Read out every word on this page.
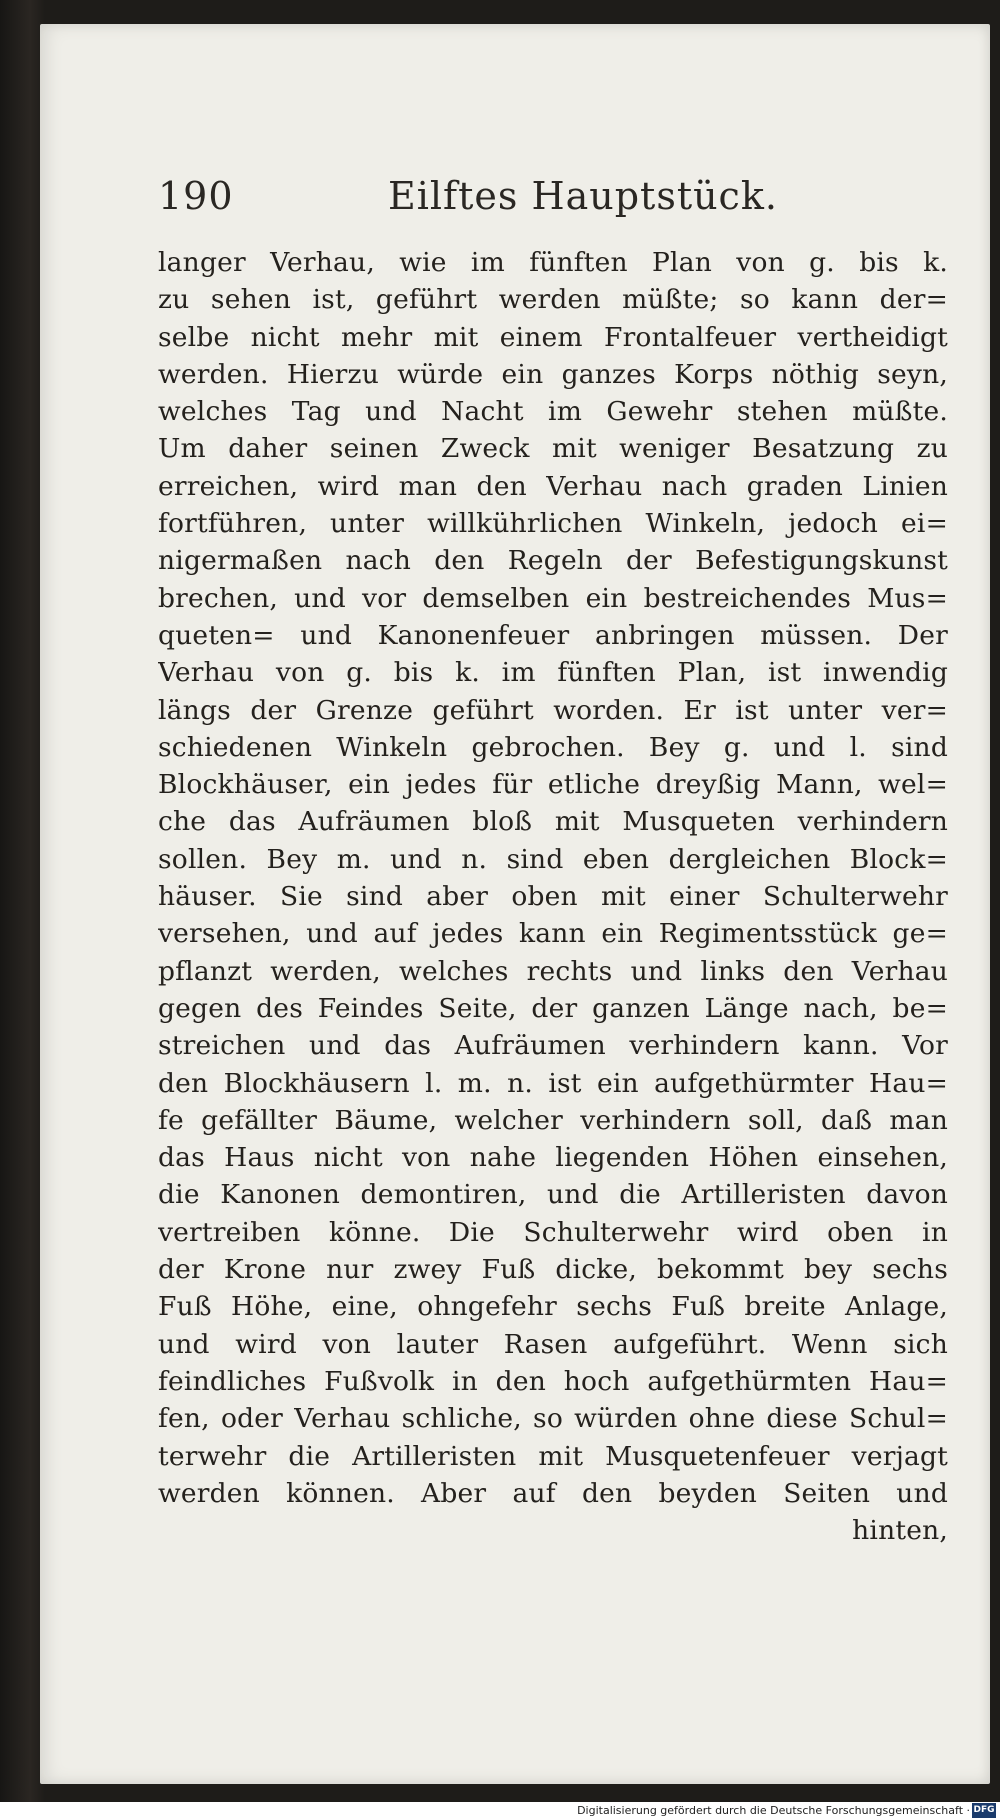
190	Eilftes Hauptstück.
langer Verhau, wie im fünften Plan von g. bis k.
zu sehen ist, geführt werden müßte; so kann der=
selbe nicht mehr mit einem Frontalfeuer vertheidigt
werden. Hierzu würde ein ganzes Korps nöthig seyn,
welches Tag und Nacht im Gewehr stehen müßte.
Um daher seinen Zweck mit weniger Besatzung zu
erreichen, wird man den Verhau nach graden Linien
fortführen, unter willkührlichen Winkeln, jedoch ei=
nigermaßen nach den Regeln der Befestigungskunst
brechen, und vor demselben ein bestreichendes Mus=
queten= und Kanonenfeuer anbringen müssen. Der
Verhau von g. bis k. im fünften Plan, ist inwendig
längs der Grenze geführt worden. Er ist unter ver=
schiedenen Winkeln gebrochen. Bey g. und l. sind
Blockhäuser, ein jedes für etliche dreyßig Mann, wel=
che das Aufräumen bloß mit Musqueten verhindern
sollen. Bey m. und n. sind eben dergleichen Block=
häuser. Sie sind aber oben mit einer Schulterwehr
versehen, und auf jedes kann ein Regimentsstück ge=
pflanzt werden, welches rechts und links den Verhau
gegen des Feindes Seite, der ganzen Länge nach, be=
streichen und das Aufräumen verhindern kann. Vor
den Blockhäusern l. m. n. ist ein aufgethürmter Hau=
fe gefällter Bäume, welcher verhindern soll, daß man
das Haus nicht von nahe liegenden Höhen einsehen,
die Kanonen demontiren, und die Artilleristen davon
vertreiben könne. Die Schulterwehr wird oben in
der Krone nur zwey Fuß dicke, bekommt bey sechs
Fuß Höhe, eine, ohngefehr sechs Fuß breite Anlage,
und wird von lauter Rasen aufgeführt. Wenn sich
feindliches Fußvolk in den hoch aufgethürmten Hau=
fen, oder Verhau schliche, so würden ohne diese Schul=
terwehr die Artilleristen mit Musquetenfeuer verjagt
werden können. Aber auf den beyden Seiten und
hinten,
Digitalisierung gefördert durch die Deutsche Forschungsgemeinschaft · DFG
